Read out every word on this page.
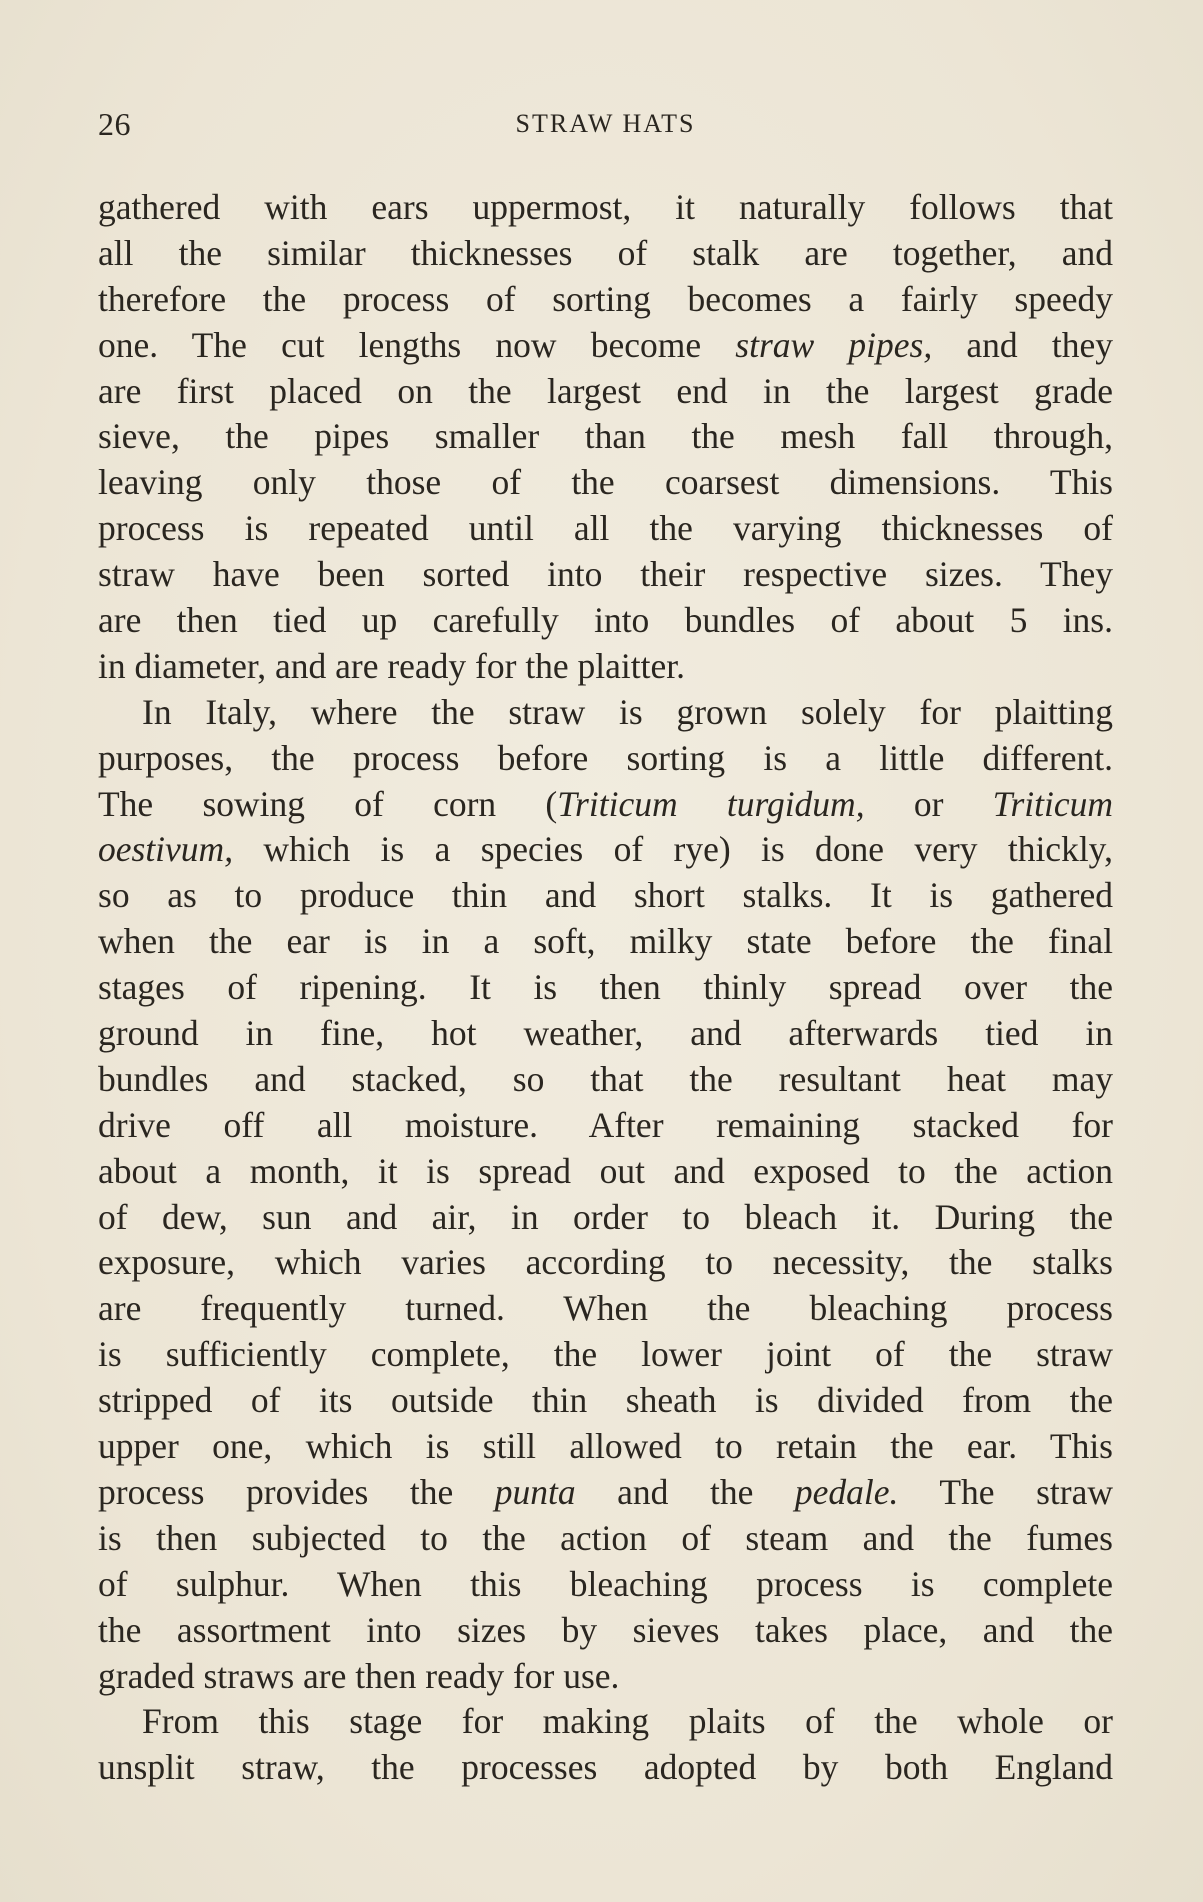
26	STRAW HATS
gathered with ears uppermost, it naturally follows that
all the similar thicknesses of stalk are together, and
therefore the process of sorting becomes a fairly speedy
one. The cut lengths now become straw pipes, and they
are first placed on the largest end in the largest grade
sieve, the pipes smaller than the mesh fall through,
leaving only those of the coarsest dimensions. This
process is repeated until all the varying thicknesses of
straw have been sorted into their respective sizes. They
are then tied up carefully into bundles of about 5 ins.
in diameter, and are ready for the plaitter.
In Italy, where the straw is grown solely for plaitting
purposes, the process before sorting is a little different.
The sowing of corn (Triticum turgidum, or Triticum
oestivum, which is a species of rye) is done very thickly,
so as to produce thin and short stalks. It is gathered
when the ear is in a soft, milky state before the final
stages of ripening. It is then thinly spread over the
ground in fine, hot weather, and afterwards tied in
bundles and stacked, so that the resultant heat may
drive off all moisture. After remaining stacked for
about a month, it is spread out and exposed to the action
of dew, sun and air, in order to bleach it. During the
exposure, which varies according to necessity, the stalks
are frequently turned. When the bleaching process
is sufficiently complete, the lower joint of the straw
stripped of its outside thin sheath is divided from the
upper one, which is still allowed to retain the ear. This
process provides the punta and the pedale. The straw
is then subjected to the action of steam and the fumes
of sulphur. When this bleaching process is complete
the assortment into sizes by sieves takes place, and the
graded straws are then ready for use.
From this stage for making plaits of the whole or
unsplit straw, the processes adopted by both England
